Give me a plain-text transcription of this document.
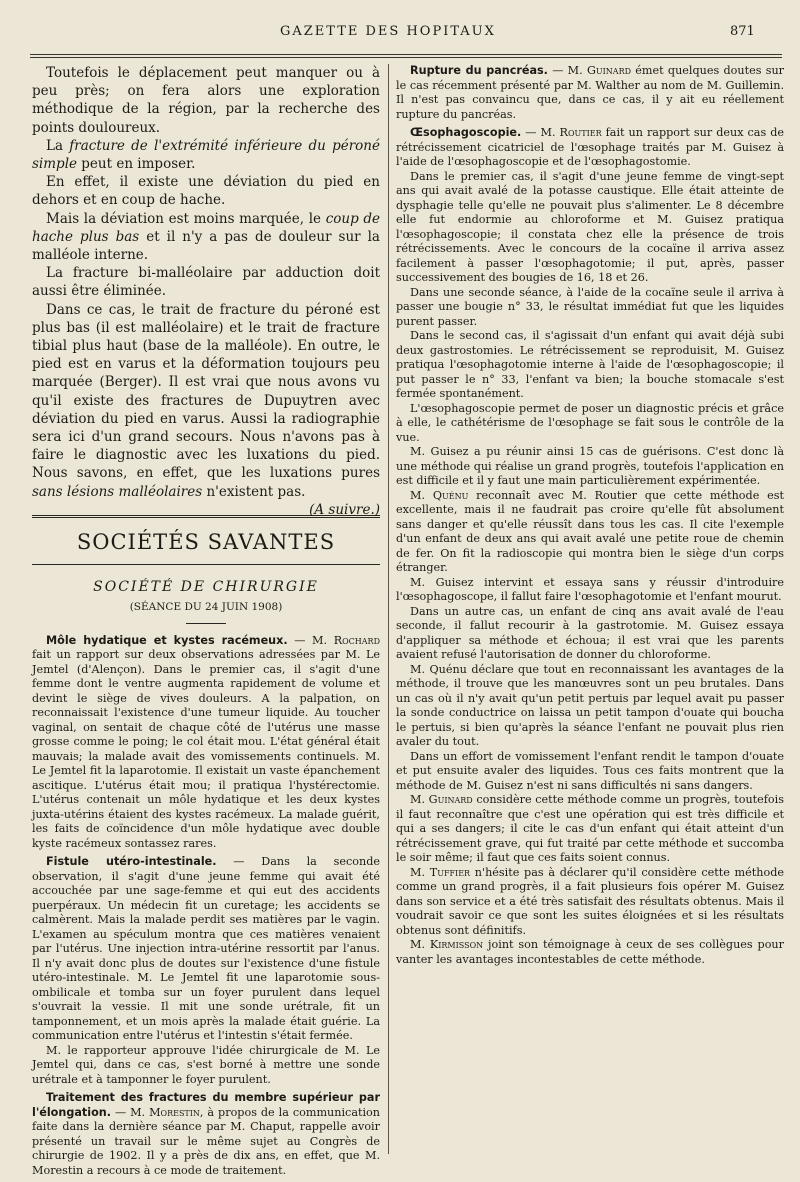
GAZETTE DES HOPITAUX	871

Toutefois le déplacement peut manquer ou à peu près; on fera alors une exploration méthodique de la région, par la recherche des points douloureux.

La fracture de l'extrémité inférieure du péroné simple peut en imposer.

En effet, il existe une déviation du pied en dehors et en coup de hache.

Mais la déviation est moins marquée, le coup de hache plus bas et il n'y a pas de douleur sur la malléole interne.

La fracture bi-malléolaire par adduction doit aussi être éliminée.

Dans ce cas, le trait de fracture du péroné est plus bas (il est malléolaire) et le trait de fracture tibial plus haut (base de la malléole). En outre, le pied est en varus et la déformation toujours peu marquée (Berger). Il est vrai que nous avons vu qu'il existe des fractures de Dupuytren avec déviation du pied en varus. Aussi la radiographie sera ici d'un grand secours. Nous n'avons pas à faire le diagnostic avec les luxations du pied. Nous savons, en effet, que les luxations pures sans lésions malléolaires n'existent pas.
(A suivre.)

SOCIÉTÉS SAVANTES
SOCIÉTÉ DE CHIRURGIE
(SÉANCE DU 24 JUIN 1908)

Môle hydatique et kystes racémeux. — M. Rochard fait un rapport sur deux observations adressées par M. Le Jemtel (d'Alençon). Dans le premier cas, il s'agit d'une femme dont le ventre augmenta rapidement de volume et devint le siège de vives douleurs. A la palpation, on reconnaissait l'existence d'une tumeur liquide. Au toucher vaginal, on sentait de chaque côté de l'utérus une masse grosse comme le poing; le col était mou. L'état général était mauvais; la malade avait des vomissements continuels. M. Le Jemtel fit la laparotomie. Il existait un vaste épanchement ascitique. L'utérus était mou; il pratiqua l'hystérectomie. L'utérus contenait un môle hydatique et les deux kystes juxta-utérins étaient des kystes racémeux. La malade guérit, les faits de coïncidence d'un môle hydatique avec double kyste racémeux sontassez rares.

Fistule utéro-intestinale. — Dans la seconde observation, il s'agit d'une jeune femme qui avait été accouchée par une sage-femme et qui eut des accidents puerpéraux. Un médecin fit un curetage; les accidents se calmèrent. Mais la malade perdit ses matières par le vagin. L'examen au spéculum montra que ces matières venaient par l'utérus. Une injection intra-utérine ressortit par l'anus. Il n'y avait donc plus de doutes sur l'existence d'une fistule utéro-intestinale. M. Le Jemtel fit une laparotomie sous-ombilicale et tomba sur un foyer purulent dans lequel s'ouvrait la vessie. Il mit une sonde urétrale, fit un tamponnement, et un mois après la malade était guérie. La communication entre l'utérus et l'intestin s'était fermée.

M. le rapporteur approuve l'idée chirurgicale de M. Le Jemtel qui, dans ce cas, s'est borné à mettre une sonde urétrale et à tamponner le foyer purulent.

Traitement des fractures du membre supérieur par l'élongation. — M. Morestin, à propos de la communication faite dans la dernière séance par M. Chaput, rappelle avoir présenté un travail sur le même sujet au Congrès de chirurgie de 1902. Il y a près de dix ans, en effet, que M. Morestin a recours à ce mode de traitement.

Rupture du pancréas. — M. Guinard émet quelques doutes sur le cas récemment présenté par M. Walther au nom de M. Guillemin. Il n'est pas convaincu que, dans ce cas, il y ait eu réellement rupture du pancréas.

Œsophagoscopie. — M. Routier fait un rapport sur deux cas de rétrécissement cicatriciel de l'œsophage traités par M. Guisez à l'aide de l'œsophagoscopie et de l'œsophagostomie.

Dans le premier cas, il s'agit d'une jeune femme de vingt-sept ans qui avait avalé de la potasse caustique. Elle était atteinte de dysphagie telle qu'elle ne pouvait plus s'alimenter. Le 8 décembre elle fut endormie au chloroforme et M. Guisez pratiqua l'œsophagoscopie; il constata chez elle la présence de trois rétrécissements. Avec le concours de la cocaïne il arriva assez facilement à passer l'œsophagotomie; il put, après, passer successivement des bougies de 16, 18 et 26.

Dans une seconde séance, à l'aide de la cocaïne seule il arriva à passer une bougie n° 33, le résultat immédiat fut que les liquides purent passer.

Dans le second cas, il s'agissait d'un enfant qui avait déjà subi deux gastrostomies. Le rétrécissement se reproduisit, M. Guisez pratiqua l'œsophagotomie interne à l'aide de l'œsophagoscopie; il put passer le n° 33, l'enfant va bien; la bouche stomacale s'est fermée spontanément.

L'œsophagoscopie permet de poser un diagnostic précis et grâce à elle, le cathétérisme de l'œsophage se fait sous le contrôle de la vue.

M. Guisez a pu réunir ainsi 15 cas de guérisons. C'est donc là une méthode qui réalise un grand progrès, toutefois l'application en est difficile et il y faut une main particulièrement expérimentée.

M. Quénu reconnaît avec M. Routier que cette méthode est excellente, mais il ne faudrait pas croire qu'elle fût absolument sans danger et qu'elle réussît dans tous les cas. Il cite l'exemple d'un enfant de deux ans qui avait avalé une petite roue de chemin de fer. On fit la radioscopie qui montra bien le siège d'un corps étranger.

M. Guisez intervint et essaya sans y réussir d'introduire l'œsophagoscope, il fallut faire l'œsophagotomie et l'enfant mourut.

Dans un autre cas, un enfant de cinq ans avait avalé de l'eau seconde, il fallut recourir à la gastrotomie. M. Guisez essaya d'appliquer sa méthode et échoua; il est vrai que les parents avaient refusé l'autorisation de donner du chloroforme.

M. Quénu déclare que tout en reconnaissant les avantages de la méthode, il trouve que les manœuvres sont un peu brutales. Dans un cas où il n'y avait qu'un petit pertuis par lequel avait pu passer la sonde conductrice on laissa un petit tampon d'ouate qui boucha le pertuis, si bien qu'après la séance l'enfant ne pouvait plus rien avaler du tout.

Dans un effort de vomissement l'enfant rendit le tampon d'ouate et put ensuite avaler des liquides. Tous ces faits montrent que la méthode de M. Guisez n'est ni sans difficultés ni sans dangers.

M. Guinard considère cette méthode comme un progrès, toutefois il faut reconnaître que c'est une opération qui est très difficile et qui a ses dangers; il cite le cas d'un enfant qui était atteint d'un rétrécissement grave, qui fut traité par cette méthode et succomba le soir même; il faut que ces faits soient connus.

M. Tuffier n'hésite pas à déclarer qu'il considère cette méthode comme un grand progrès, il a fait plusieurs fois opérer M. Guisez dans son service et a été très satisfait des résultats obtenus. Mais il voudrait savoir ce que sont les suites éloignées et si les résultats obtenus sont définitifs.

M. Kirmisson joint son témoignage à ceux de ses collègues pour vanter les avantages incontestables de cette méthode.
